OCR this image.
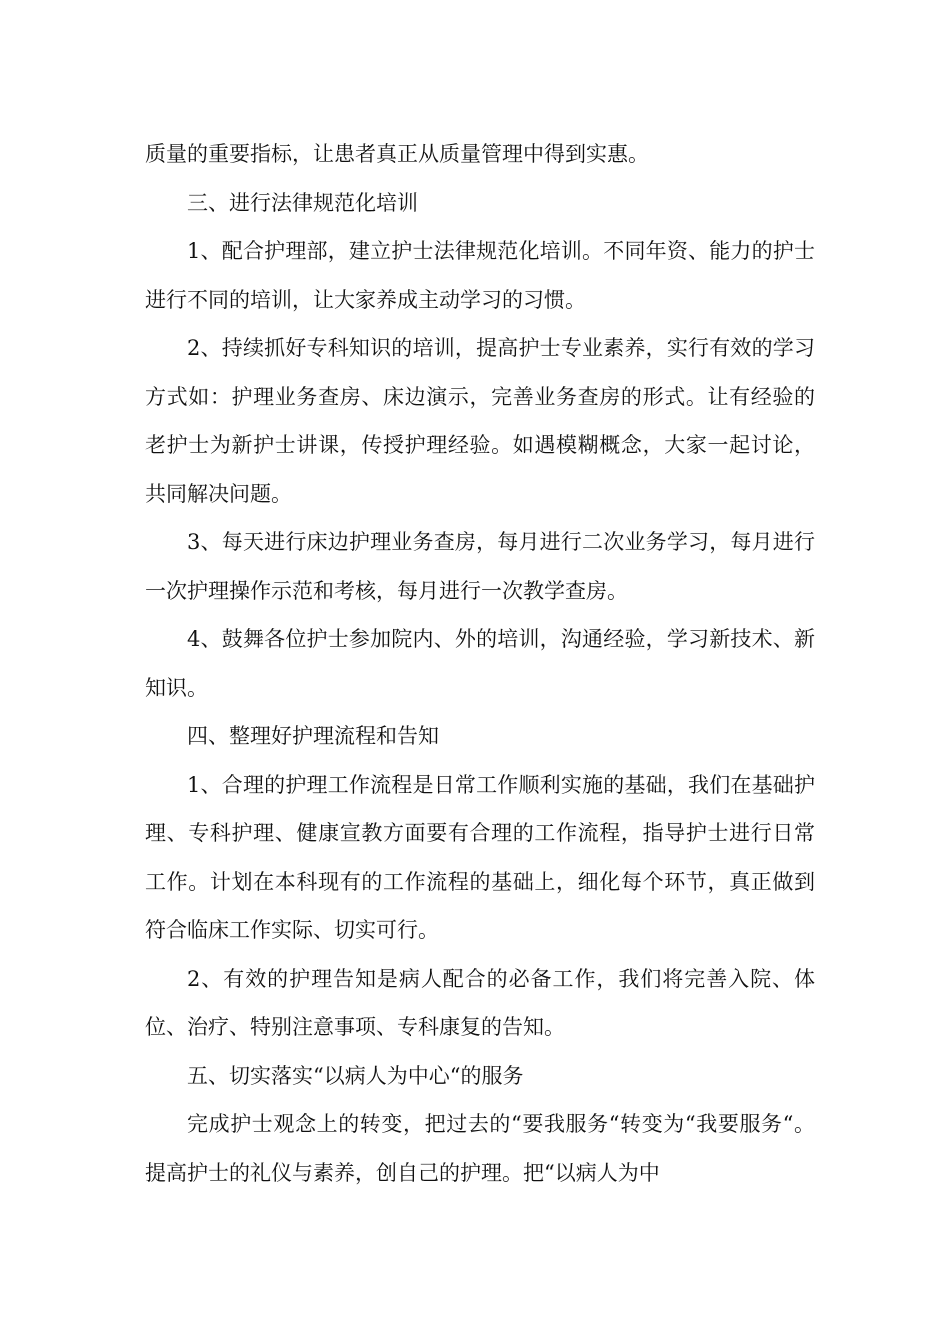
质量的重要指标，让患者真正从质量管理中得到实惠。

三、进行法律规范化培训

1、配合护理部，建立护士法律规范化培训。不同年资、能力的护士进行不同的培训，让大家养成主动学习的习惯。

2、持续抓好专科知识的培训，提高护士专业素养，实行有效的学习方式如：护理业务查房、床边演示，完善业务查房的形式。让有经验的老护士为新护士讲课，传授护理经验。如遇模糊概念，大家一起讨论，共同解决问题。

3、每天进行床边护理业务查房，每月进行二次业务学习，每月进行一次护理操作示范和考核，每月进行一次教学查房。

4、鼓舞各位护士参加院内、外的培训，沟通经验，学习新技术、新知识。

四、整理好护理流程和告知

1、合理的护理工作流程是日常工作顺利实施的基础，我们在基础护理、专科护理、健康宣教方面要有合理的工作流程，指导护士进行日常工作。计划在本科现有的工作流程的基础上，细化每个环节，真正做到符合临床工作实际、切实可行。

2、有效的护理告知是病人配合的必备工作，我们将完善入院、体位、治疗、特别注意事项、专科康复的告知。

五、切实落实“以病人为中心“的服务

完成护士观念上的转变，把过去的“要我服务“转变为“我要服务“。提高护士的礼仪与素养，创自己的护理。把“以病人为中
